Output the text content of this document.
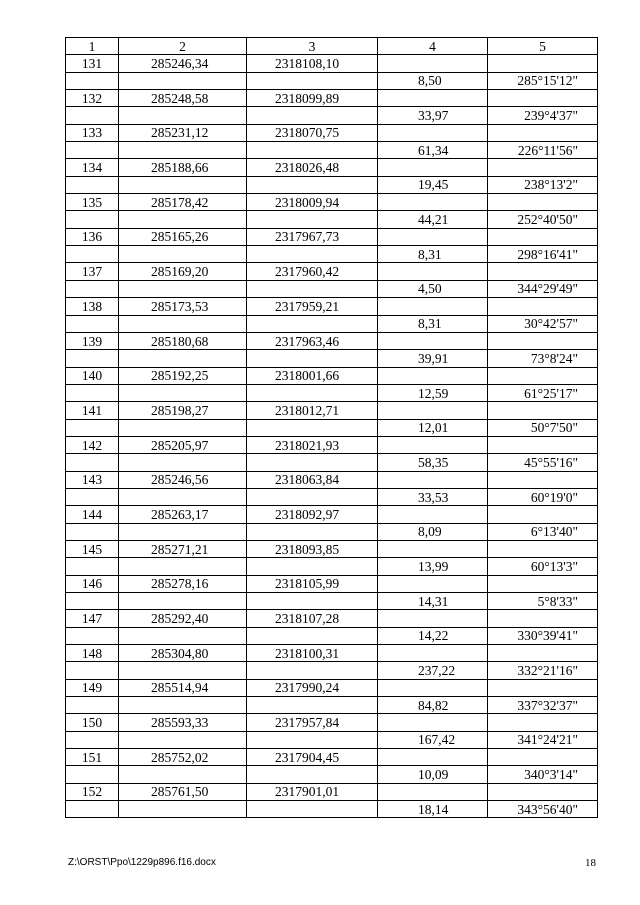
1	2	3	4	5
131	285246,34	2318108,10		
			8,50	285°15'12"
132	285248,58	2318099,89		
			33,97	239°4'37"
133	285231,12	2318070,75		
			61,34	226°11'56"
134	285188,66	2318026,48		
			19,45	238°13'2"
135	285178,42	2318009,94		
			44,21	252°40'50"
136	285165,26	2317967,73		
			8,31	298°16'41"
137	285169,20	2317960,42		
			4,50	344°29'49"
138	285173,53	2317959,21		
			8,31	30°42'57"
139	285180,68	2317963,46		
			39,91	73°8'24"
140	285192,25	2318001,66		
			12,59	61°25'17"
141	285198,27	2318012,71		
			12,01	50°7'50"
142	285205,97	2318021,93		
			58,35	45°55'16"
143	285246,56	2318063,84		
			33,53	60°19'0"
144	285263,17	2318092,97		
			8,09	6°13'40"
145	285271,21	2318093,85		
			13,99	60°13'3"
146	285278,16	2318105,99		
			14,31	5°8'33"
147	285292,40	2318107,28		
			14,22	330°39'41"
148	285304,80	2318100,31		
			237,22	332°21'16"
149	285514,94	2317990,24		
			84,82	337°32'37"
150	285593,33	2317957,84		
			167,42	341°24'21"
151	285752,02	2317904,45		
			10,09	340°3'14"
152	285761,50	2317901,01		
			18,14	343°56'40"
Z:\ORST\Ppo\1229p896.f16.docx	18
